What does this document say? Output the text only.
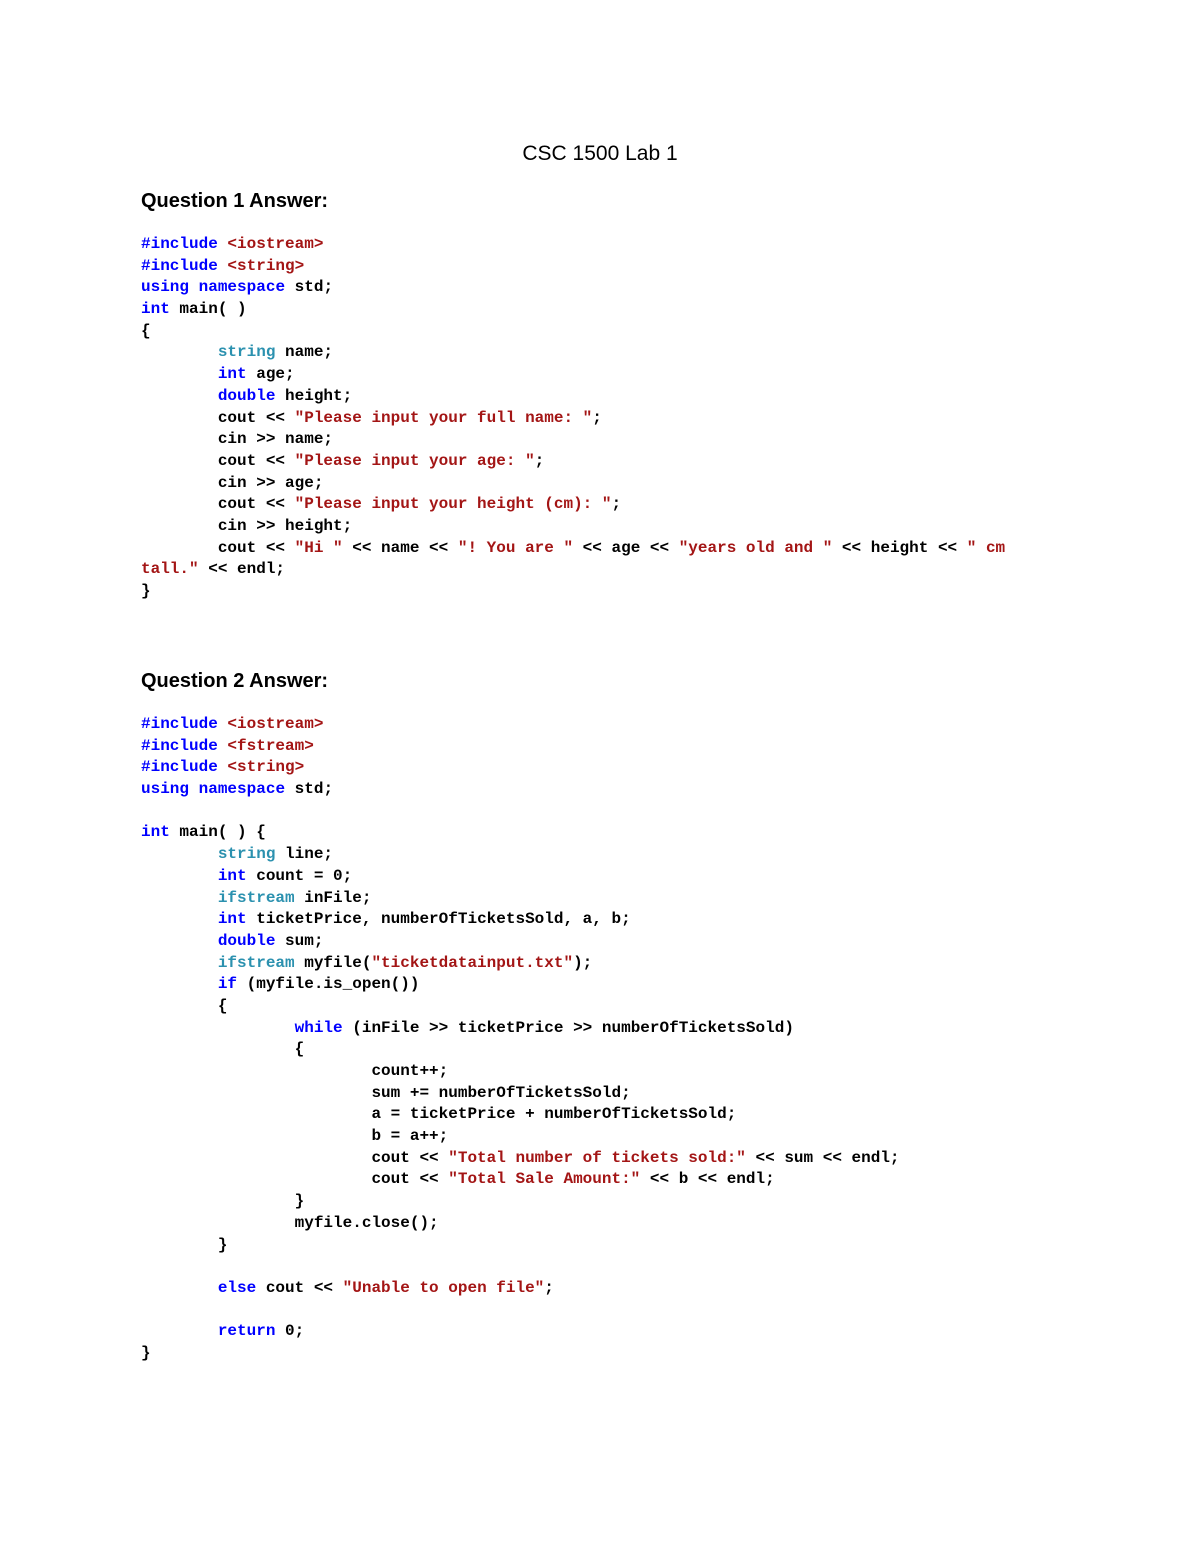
CSC 1500 Lab 1
Question 1 Answer:
#include <iostream>
#include <string>
using namespace std;
int main( )
{
string name;
int age;
double height;
cout << "Please input your full name: ";
cin >> name;
cout << "Please input your age: ";
cin >> age;
cout << "Please input your height (cm): ";
cin >> height;
cout << "Hi " << name << "! You are " << age << "years old and " << height << " cm
tall." << endl;
}
Question 2 Answer:
#include <iostream>
#include <fstream>
#include <string>
using namespace std;
int main( ) {
string line;
int count = 0;
ifstream inFile;
int ticketPrice, numberOfTicketsSold, a, b;
double sum;
ifstream myfile("ticketdatainput.txt");
if (myfile.is_open())
{
while (inFile >> ticketPrice >> numberOfTicketsSold)
{
count++;
sum += numberOfTicketsSold;
a = ticketPrice + numberOfTicketsSold;
b = a++;
cout << "Total number of tickets sold:" << sum << endl;
cout << "Total Sale Amount:" << b << endl;
}
myfile.close();
}
else cout << "Unable to open file";
return 0;
}
